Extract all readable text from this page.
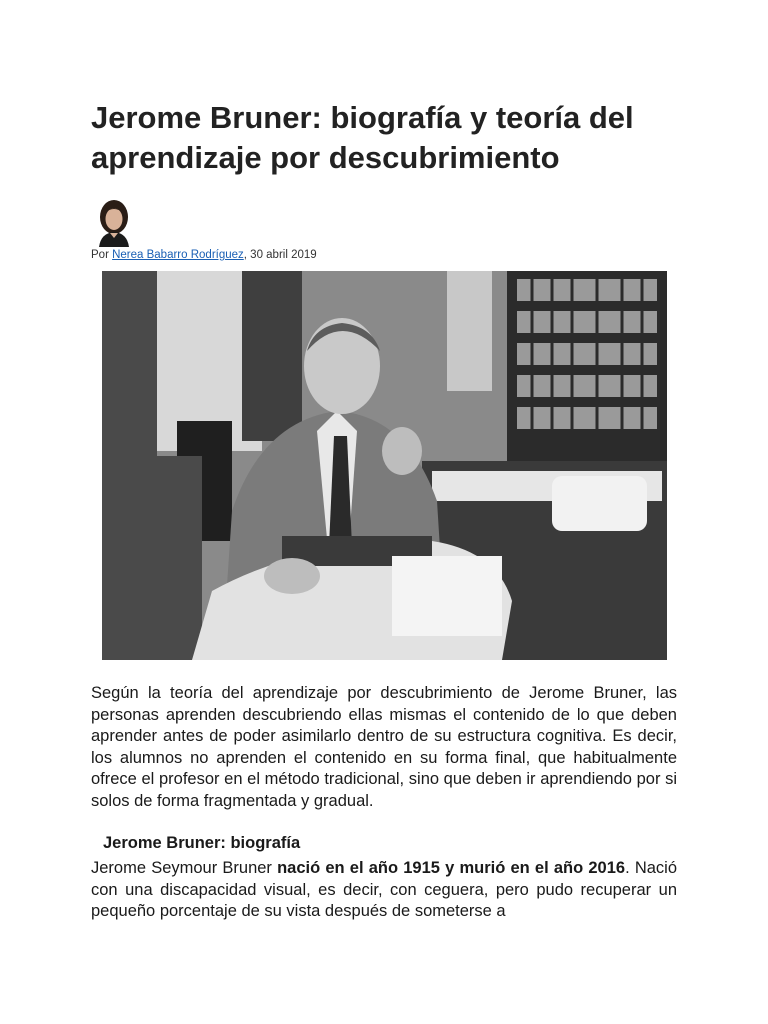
Jerome Bruner: biografía y teoría del aprendizaje por descubrimiento
Por Nerea Babarro Rodríguez, 30 abril 2019

Según la teoría del aprendizaje por descubrimiento de Jerome Bruner, las personas aprenden descubriendo ellas mismas el contenido de lo que deben aprender antes de poder asimilarlo dentro de su estructura cognitiva. Es decir, los alumnos no aprenden el contenido en su forma final, que habitualmente ofrece el profesor en el método tradicional, sino que deben ir aprendiendo por si solos de forma fragmentada y gradual.

Jerome Bruner: biografía

Jerome Seymour Bruner nació en el año 1915 y murió en el año 2016. Nació con una discapacidad visual, es decir, con ceguera, pero pudo recuperar un pequeño porcentaje de su vista después de someterse a
